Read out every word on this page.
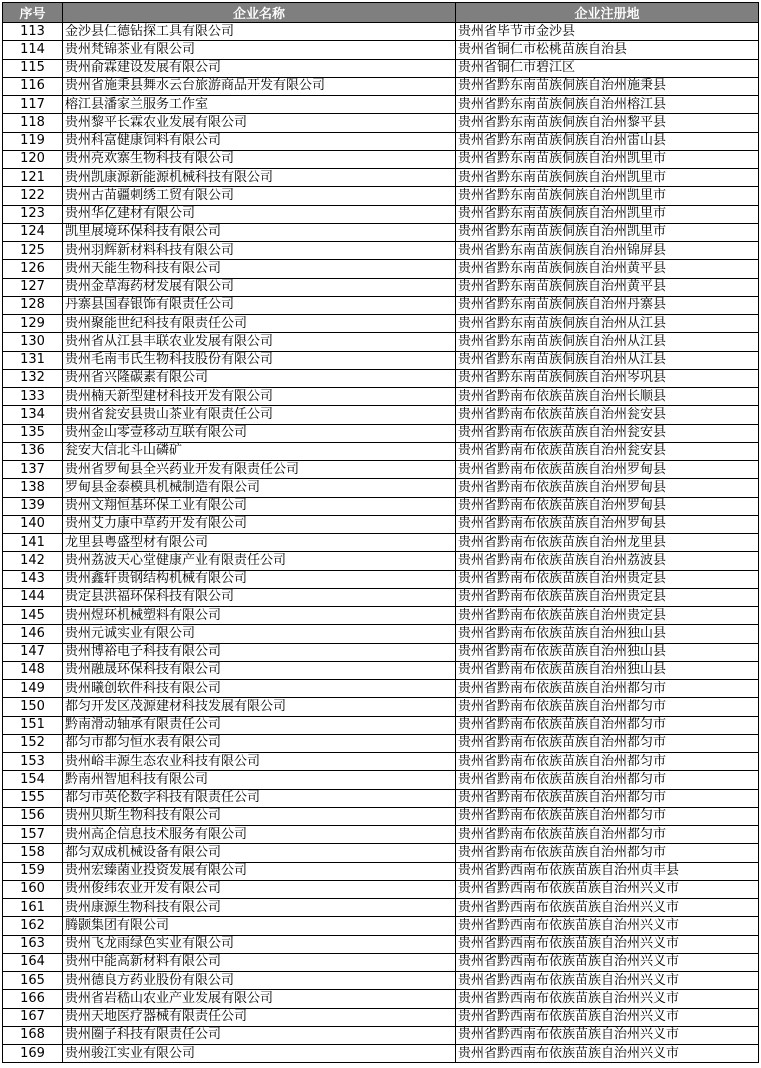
序号	企业名称	企业注册地
113	金沙县仁德钻探工具有限公司	贵州省毕节市金沙县
114	贵州梵锦茶业有限公司	贵州省铜仁市松桃苗族自治县
115	贵州俞霖建设发展有限公司	贵州省铜仁市碧江区
116	贵州省施秉县舞水云台旅游商品开发有限公司	贵州省黔东南苗族侗族自治州施秉县
117	榕江县潘家兰服务工作室	贵州省黔东南苗族侗族自治州榕江县
118	贵州黎平长霖农业发展有限公司	贵州省黔东南苗族侗族自治州黎平县
119	贵州科富健康饲料有限公司	贵州省黔东南苗族侗族自治州雷山县
120	贵州亮欢寨生物科技有限公司	贵州省黔东南苗族侗族自治州凯里市
121	贵州凯康源新能源机械科技有限公司	贵州省黔东南苗族侗族自治州凯里市
122	贵州古苗疆刺绣工贸有限公司	贵州省黔东南苗族侗族自治州凯里市
123	贵州华亿建材有限公司	贵州省黔东南苗族侗族自治州凯里市
124	凯里展境环保科技有限公司	贵州省黔东南苗族侗族自治州凯里市
125	贵州羽辉新材料科技有限公司	贵州省黔东南苗族侗族自治州锦屏县
126	贵州天能生物科技有限公司	贵州省黔东南苗族侗族自治州黄平县
127	贵州金草海药材发展有限公司	贵州省黔东南苗族侗族自治州黄平县
128	丹寨县国春银饰有限责任公司	贵州省黔东南苗族侗族自治州丹寨县
129	贵州聚能世纪科技有限责任公司	贵州省黔东南苗族侗族自治州从江县
130	贵州省从江县丰联农业发展有限公司	贵州省黔东南苗族侗族自治州从江县
131	贵州毛南韦氏生物科技股份有限公司	贵州省黔东南苗族侗族自治州从江县
132	贵州省兴隆碳素有限公司	贵州省黔东南苗族侗族自治州岑巩县
133	贵州楠天新型建材科技开发有限公司	贵州省黔南布依族苗族自治州长顺县
134	贵州省瓮安县贵山茶业有限责任公司	贵州省黔南布依族苗族自治州瓮安县
135	贵州金山零壹移动互联有限公司	贵州省黔南布依族苗族自治州瓮安县
136	瓮安大信北斗山磷矿	贵州省黔南布依族苗族自治州瓮安县
137	贵州省罗甸县全兴药业开发有限责任公司	贵州省黔南布依族苗族自治州罗甸县
138	罗甸县金泰模具机械制造有限公司	贵州省黔南布依族苗族自治州罗甸县
139	贵州文翔恒基环保工业有限公司	贵州省黔南布依族苗族自治州罗甸县
140	贵州艾力康中草药开发有限公司	贵州省黔南布依族苗族自治州罗甸县
141	龙里县粤盛型材有限公司	贵州省黔南布依族苗族自治州龙里县
142	贵州荔波天心堂健康产业有限责任公司	贵州省黔南布依族苗族自治州荔波县
143	贵州鑫轩贵钢结构机械有限公司	贵州省黔南布依族苗族自治州贵定县
144	贵定县洪福环保科技有限公司	贵州省黔南布依族苗族自治州贵定县
145	贵州煜环机械塑料有限公司	贵州省黔南布依族苗族自治州贵定县
146	贵州元诚实业有限公司	贵州省黔南布依族苗族自治州独山县
147	贵州博裕电子科技有限公司	贵州省黔南布依族苗族自治州独山县
148	贵州融晟环保科技有限公司	贵州省黔南布依族苗族自治州独山县
149	贵州曦创软件科技有限公司	贵州省黔南布依族苗族自治州都匀市
150	都匀开发区茂源建材科技发展有限公司	贵州省黔南布依族苗族自治州都匀市
151	黔南滑动轴承有限责任公司	贵州省黔南布依族苗族自治州都匀市
152	都匀市都匀恒水表有限公司	贵州省黔南布依族苗族自治州都匀市
153	贵州峪丰源生态农业科技有限公司	贵州省黔南布依族苗族自治州都匀市
154	黔南州智旭科技有限公司	贵州省黔南布依族苗族自治州都匀市
155	都匀市英伦数字科技有限责任公司	贵州省黔南布依族苗族自治州都匀市
156	贵州贝斯生物科技有限公司	贵州省黔南布依族苗族自治州都匀市
157	贵州高企信息技术服务有限公司	贵州省黔南布依族苗族自治州都匀市
158	都匀双成机械设备有限公司	贵州省黔南布依族苗族自治州都匀市
159	贵州宏臻菌业投资发展有限公司	贵州省黔西南布依族苗族自治州贞丰县
160	贵州俊纬农业开发有限公司	贵州省黔西南布依族苗族自治州兴义市
161	贵州康源生物科技有限公司	贵州省黔西南布依族苗族自治州兴义市
162	腾颢集团有限公司	贵州省黔西南布依族苗族自治州兴义市
163	贵州飞龙雨绿色实业有限公司	贵州省黔西南布依族苗族自治州兴义市
164	贵州中能高新材料有限公司	贵州省黔西南布依族苗族自治州兴义市
165	贵州德良方药业股份有限公司	贵州省黔西南布依族苗族自治州兴义市
166	贵州省岩嵇山农业产业发展有限公司	贵州省黔西南布依族苗族自治州兴义市
167	贵州天地医疗器械有限责任公司	贵州省黔西南布依族苗族自治州兴义市
168	贵州圈子科技有限责任公司	贵州省黔西南布依族苗族自治州兴义市
169	贵州骏江实业有限公司	贵州省黔西南布依族苗族自治州兴义市
